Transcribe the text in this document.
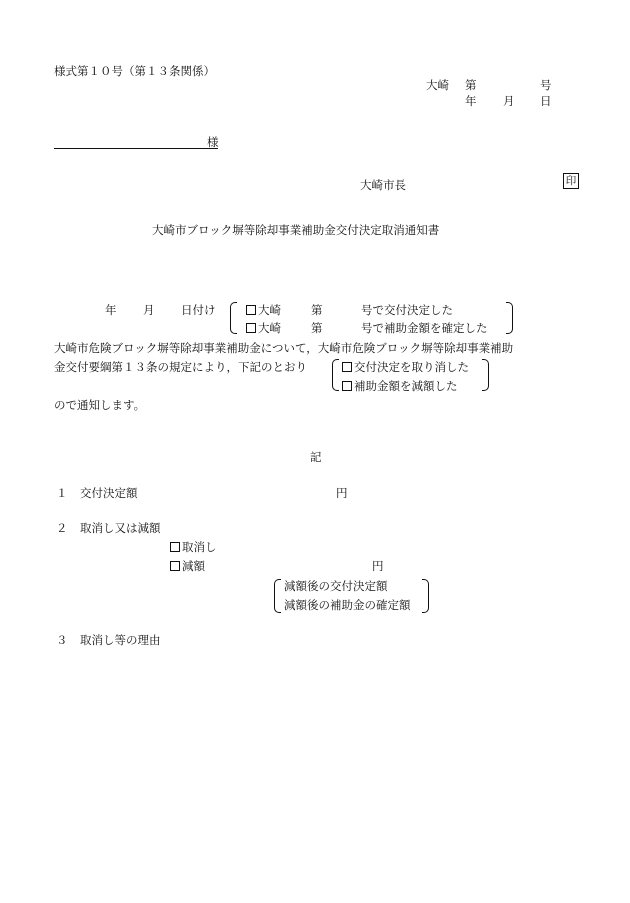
様式第１０号（第１３条関係）
大崎 第	号
年 月 日
様
大崎市長	印
大崎市ブロック塀等除却事業補助金交付決定取消通知書
年 月 日付け	大崎	第	号で交付決定した
大崎	第	号で補助金額を確定した
大崎市危険ブロック塀等除却事業補助金について，大崎市危険ブロック塀等除却事業補助
金交付要綱第１３条の規定により，下記のとおり	交付決定を取り消した
補助金額を減額した
ので通知します。
記
１ 交付決定額	円
２ 取消し又は減額
取消し
減額	円
減額後の交付決定額
減額後の補助金の確定額
３ 取消し等の理由
